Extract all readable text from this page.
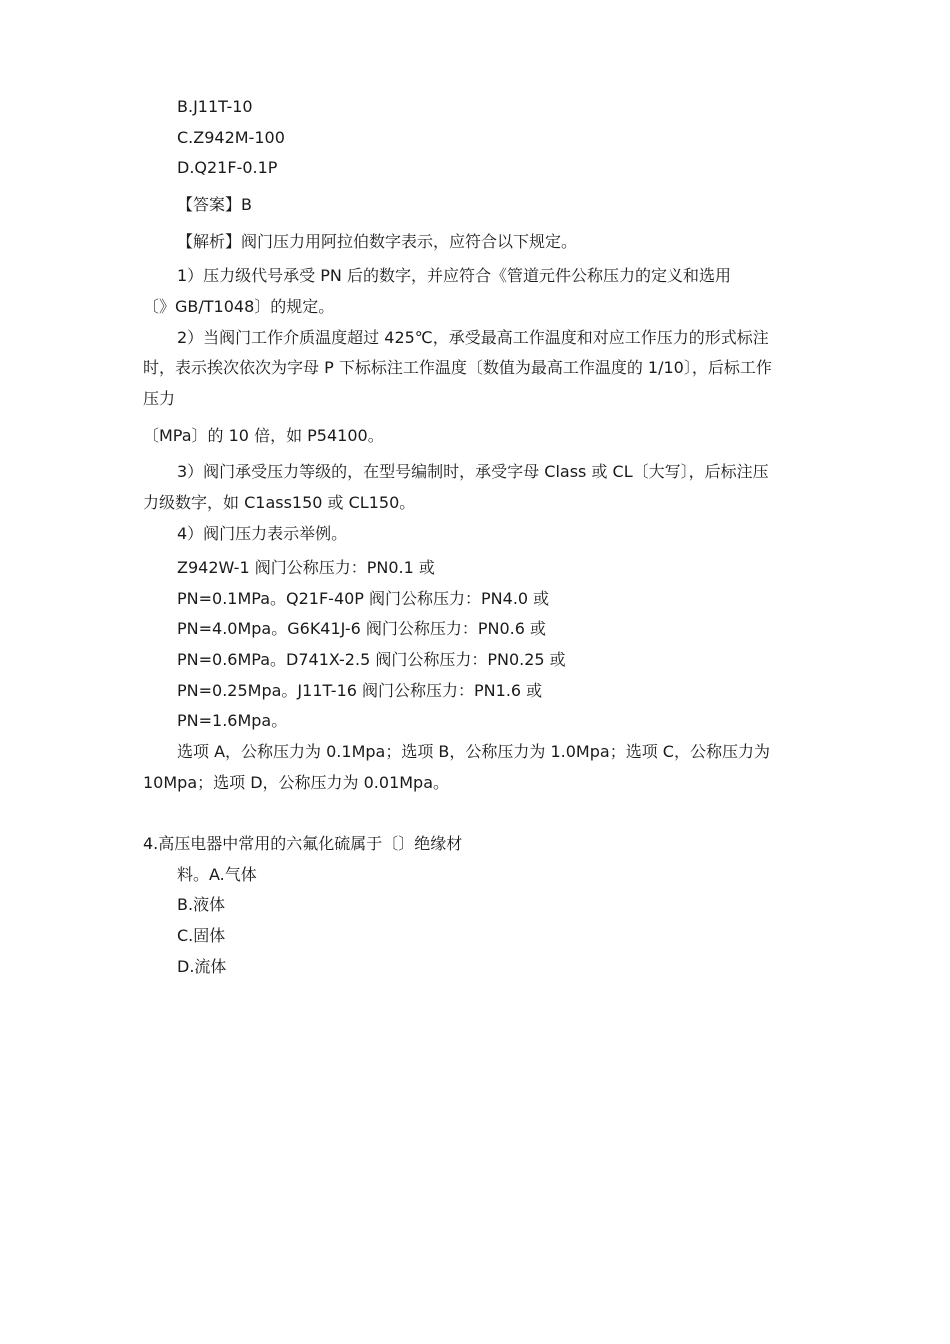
B.J11T-10
C.Z942M-100
D.Q21F-0.1P
【答案】B
【解析】阀门压力用阿拉伯数字表示，应符合以下规定。
1）压力级代号承受 PN 后的数字，并应符合《管道元件公称压力的定义和选用
〔》GB/T1048〕的规定。
2）当阀门工作介质温度超过 425℃，承受最高工作温度和对应工作压力的形式标注
时，表示挨次依次为字母 P 下标标注工作温度〔数值为最高工作温度的 1/10〕，后标工作
压力
〔MPa〕的 10 倍，如 P54100。
3）阀门承受压力等级的，在型号编制时，承受字母 Class 或 CL〔大写〕，后标注压
力级数字，如 C1ass150 或 CL150。
4）阀门压力表示举例。
Z942W-1 阀门公称压力：PN0.1 或
PN=0.1MPa。Q21F-40P 阀门公称压力：PN4.0 或
PN=4.0Mpa。G6K41J-6 阀门公称压力：PN0.6 或
PN=0.6MPa。D741X-2.5 阀门公称压力：PN0.25 或
PN=0.25Mpa。J11T-16 阀门公称压力：PN1.6 或
PN=1.6Mpa。
选项 A，公称压力为 0.1Mpa；选项 B，公称压力为 1.0Mpa；选项 C，公称压力为
10Mpa；选项 D，公称压力为 0.01Mpa。
4.高压电器中常用的六氟化硫属于〔〕绝缘材
料。A.气体
B.液体
C.固体
D.流体
